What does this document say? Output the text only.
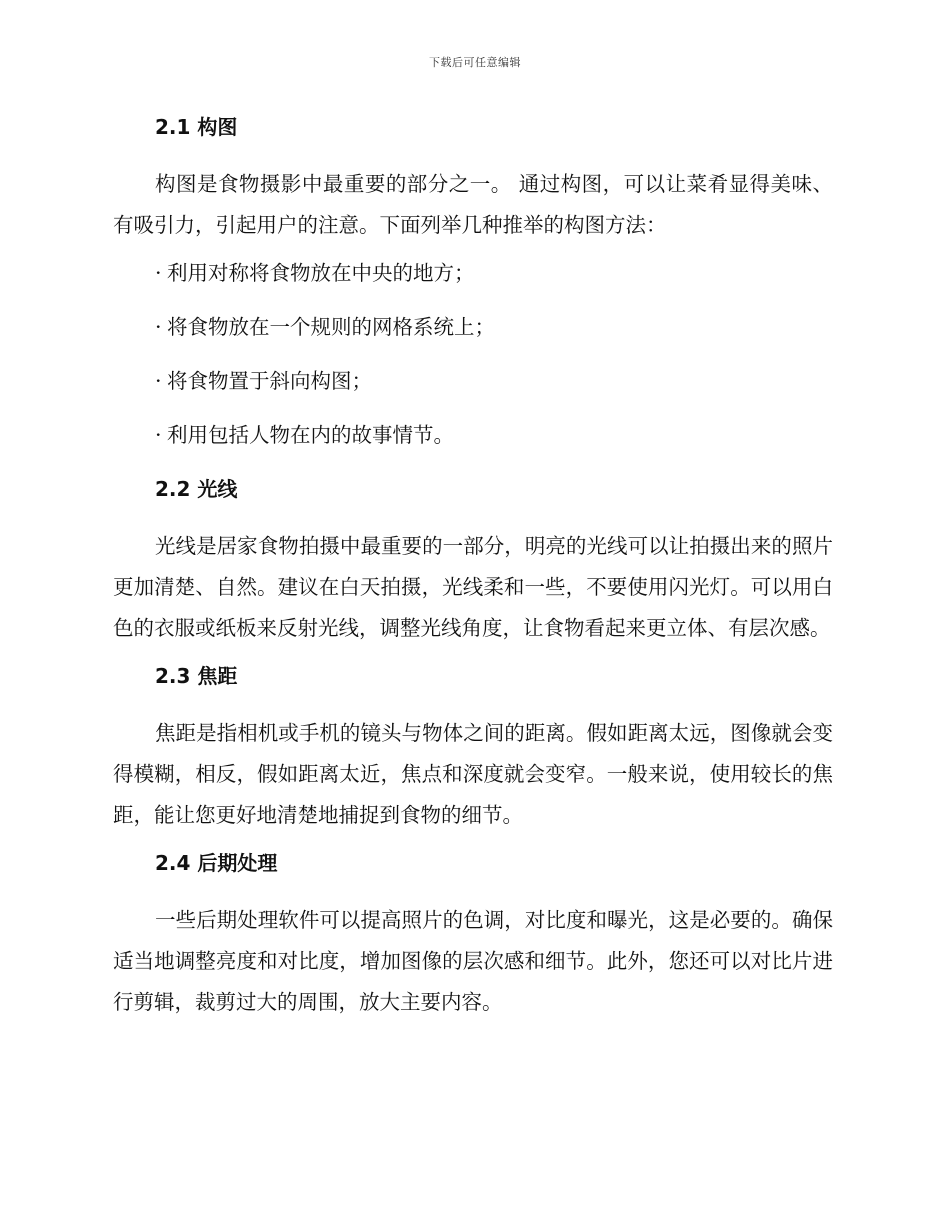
下载后可任意编辑
2.1 构图

构图是食物摄影中最重要的部分之一。 通过构图，可以让菜肴显得美味、有吸引力，引起用户的注意。下面列举几种推举的构图方法：

· 利用对称将食物放在中央的地方；
· 将食物放在一个规则的网格系统上；
· 将食物置于斜向构图；
· 利用包括人物在内的故事情节。
2.2 光线

光线是居家食物拍摄中最重要的一部分，明亮的光线可以让拍摄出来的照片更加清楚、自然。建议在白天拍摄，光线柔和一些，不要使用闪光灯。可以用白色的衣服或纸板来反射光线，调整光线角度，让食物看起来更立体、有层次感。

2.3 焦距

焦距是指相机或手机的镜头与物体之间的距离。假如距离太远，图像就会变得模糊，相反，假如距离太近，焦点和深度就会变窄。一般来说，使用较长的焦距，能让您更好地清楚地捕捉到食物的细节。

2.4 后期处理

一些后期处理软件可以提高照片的色调，对比度和曝光，这是必要的。确保适当地调整亮度和对比度，增加图像的层次感和细节。此外，您还可以对比片进行剪辑，裁剪过大的周围，放大主要内容。
